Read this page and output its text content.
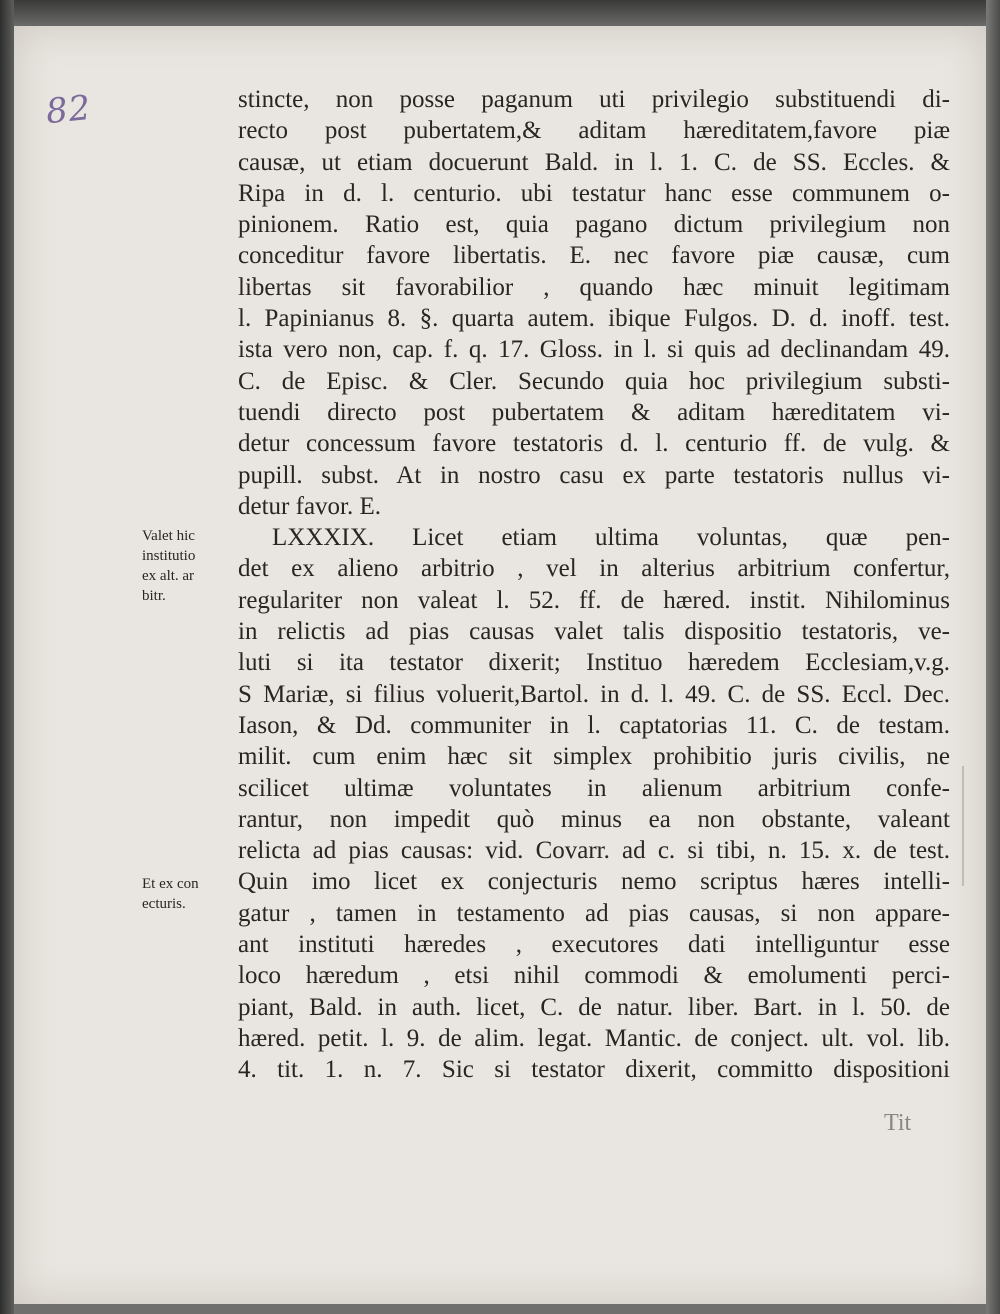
82
Valet hic
institutio
ex alt. ar
bitr.
Et ex con
ecturis.
stincte, non posse paganum uti privilegio substituendi di-
recto post pubertatem,& aditam hæreditatem,favore piæ
causæ, ut etiam docuerunt Bald. in l. 1. C. de SS. Eccles. &
Ripa in d. l. centurio. ubi testatur hanc esse communem o-
pinionem. Ratio est, quia pagano dictum privilegium non
conceditur favore libertatis. E. nec favore piæ causæ, cum
libertas sit favorabilior , quando hæc minuit legitimam
l. Papinianus 8. §. quarta autem. ibique Fulgos. D. d. inoff. test.
ista vero non, cap. f. q. 17. Gloss. in l. si quis ad declinandam 49.
C. de Episc. & Cler. Secundo quia hoc privilegium substi-
tuendi directo post pubertatem & aditam hæreditatem vi-
detur concessum favore testatoris d. l. centurio ff. de vulg. &
pupill. subst. At in nostro casu ex parte testatoris nullus vi-
detur favor. E.
LXXXIX. Licet etiam ultima voluntas, quæ pen-
det ex alieno arbitrio , vel in alterius arbitrium confertur,
regulariter non valeat l. 52. ff. de hæred. instit. Nihilominus
in relictis ad pias causas valet talis dispositio testatoris, ve-
luti si ita testator dixerit; Instituo hæredem Ecclesiam,v.g.
S Mariæ, si filius voluerit,Bartol. in d. l. 49. C. de SS. Eccl. Dec.
Iason, & Dd. communiter in l. captatorias 11. C. de testam.
milit. cum enim hæc sit simplex prohibitio juris civilis, ne
scilicet ultimæ voluntates in alienum arbitrium confe-
rantur, non impedit quò minus ea non obstante, valeant
relicta ad pias causas: vid. Covarr. ad c. si tibi, n. 15. x. de test.
Quin imo licet ex conjecturis nemo scriptus hæres intelli-
gatur , tamen in testamento ad pias causas, si non appare-
ant instituti hæredes , executores dati intelliguntur esse
loco hæredum , etsi nihil commodi & emolumenti perci-
piant, Bald. in auth. licet, C. de natur. liber. Bart. in l. 50. de
hæred. petit. l. 9. de alim. legat. Mantic. de conject. ult. vol. lib.
4. tit. 1. n. 7. Sic si testator dixerit, committo dispositioni
Tit
